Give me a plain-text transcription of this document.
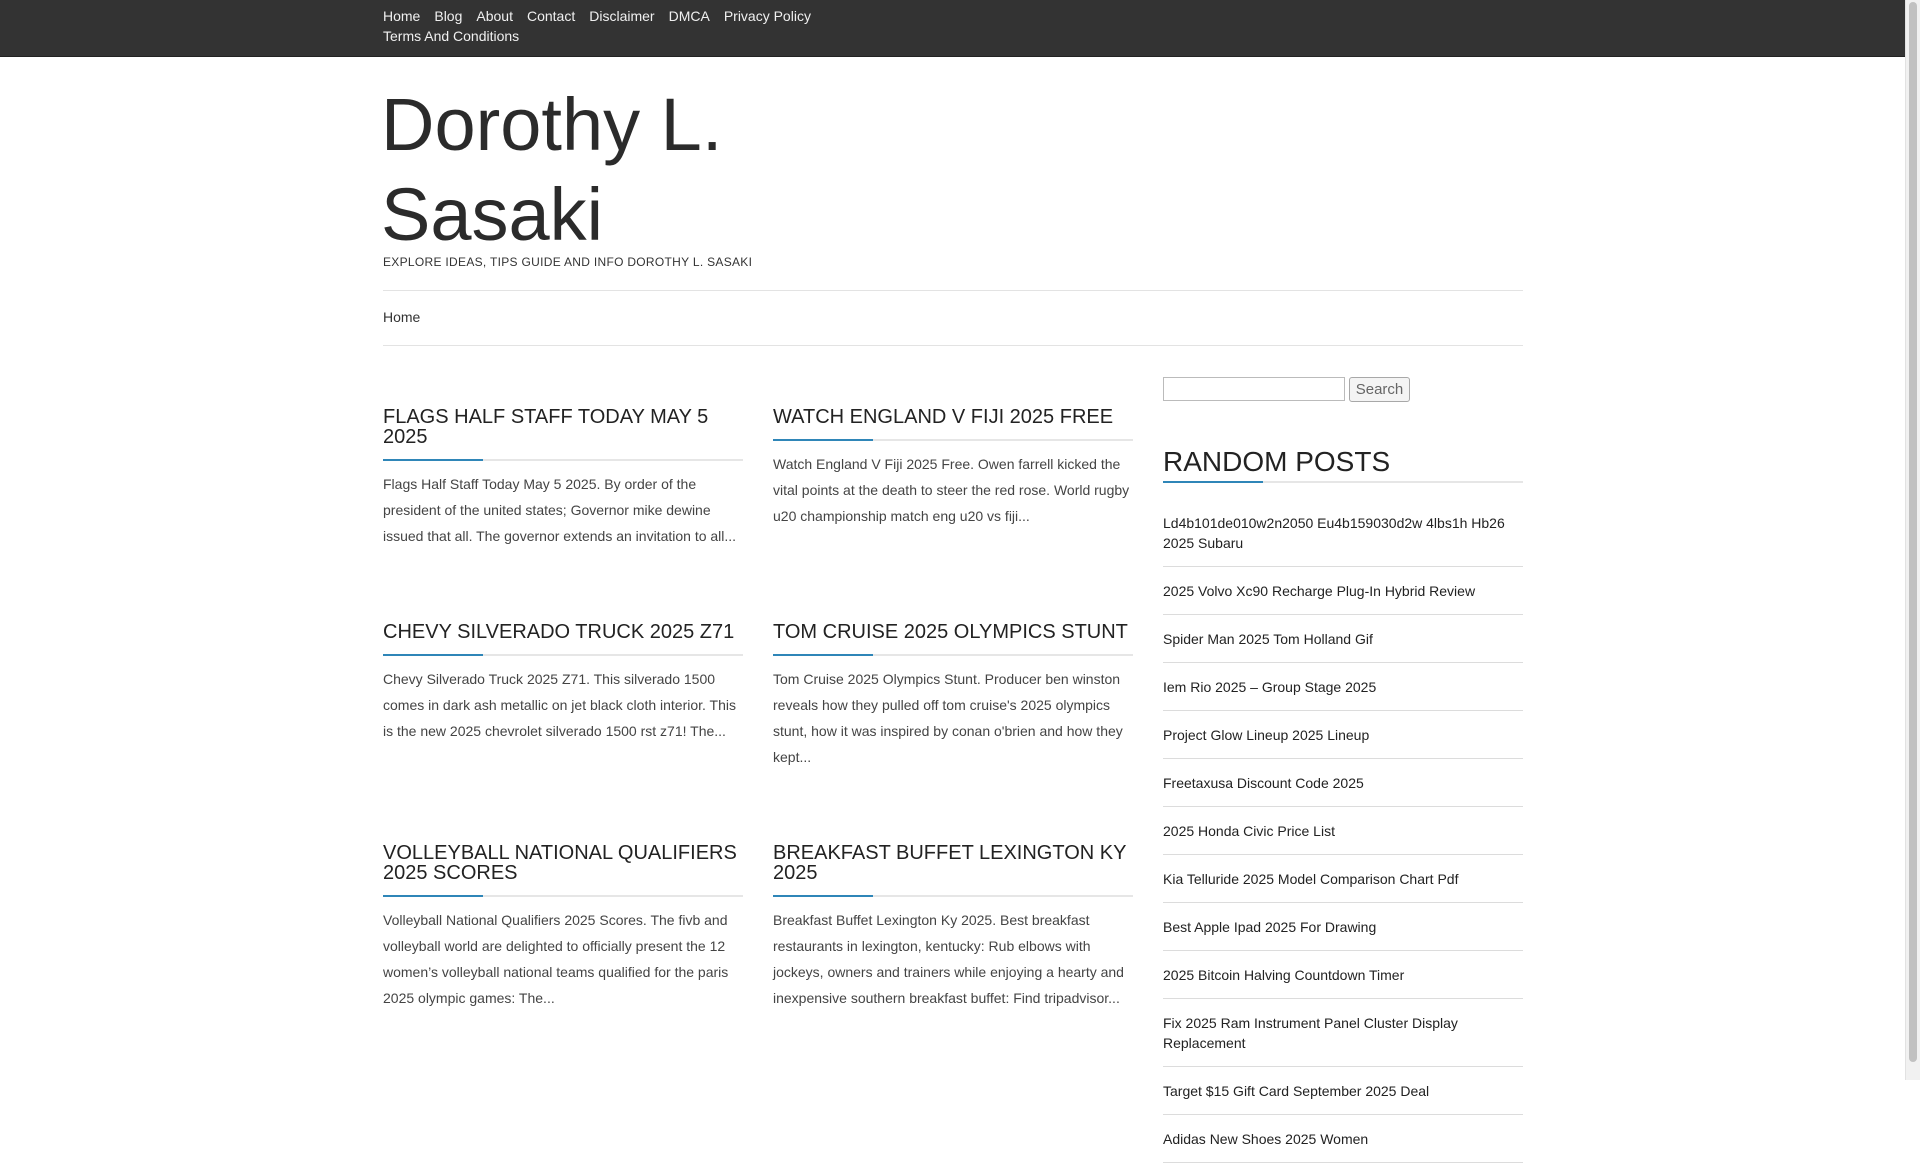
Home Blog About Contact Disclaimer DMCA Privacy Policy
Terms And Conditions
Dorothy L. Sasaki
EXPLORE IDEAS, TIPS GUIDE AND INFO DOROTHY L. SASAKI
Home
FLAGS HALF STAFF TODAY MAY 5 2025

Flags Half Staff Today May 5 2025. By order of the president of the united states; Governor mike dewine issued that all. The governor extends an invitation to all...

WATCH ENGLAND V FIJI 2025 FREE

Watch England V Fiji 2025 Free. Owen farrell kicked the vital points at the death to steer the red rose. World rugby u20 championship match eng u20 vs fiji...

CHEVY SILVERADO TRUCK 2025 Z71

Chevy Silverado Truck 2025 Z71. This silverado 1500 comes in dark ash metallic on jet black cloth interior. This is the new 2025 chevrolet silverado 1500 rst z71! The...

TOM CRUISE 2025 OLYMPICS STUNT

Tom Cruise 2025 Olympics Stunt. Producer ben winston reveals how they pulled off tom cruise's 2025 olympics stunt, how it was inspired by conan o'brien and how they kept...

VOLLEYBALL NATIONAL QUALIFIERS 2025 SCORES

Volleyball National Qualifiers 2025 Scores. The fivb and volleyball world are delighted to officially present the 12 women’s volleyball national teams qualified for the paris 2025 olympic games: The...

BREAKFAST BUFFET LEXINGTON KY 2025

Breakfast Buffet Lexington Ky 2025. Best breakfast restaurants in lexington, kentucky: Rub elbows with jockeys, owners and trainers while enjoying a hearty and inexpensive southern breakfast buffet: Find tripadvisor...

Search
RANDOM POSTS
Ld4b101de010w2n2050 Eu4b159030d2w 4lbs1h Hb26 2025 Subaru
2025 Volvo Xc90 Recharge Plug-In Hybrid Review
Spider Man 2025 Tom Holland Gif
Iem Rio 2025 – Group Stage 2025
Project Glow Lineup 2025 Lineup
Freetaxusa Discount Code 2025
2025 Honda Civic Price List
Kia Telluride 2025 Model Comparison Chart Pdf
Best Apple Ipad 2025 For Drawing
2025 Bitcoin Halving Countdown Timer
Fix 2025 Ram Instrument Panel Cluster Display Replacement
Target $15 Gift Card September 2025 Deal
Adidas New Shoes 2025 Women
